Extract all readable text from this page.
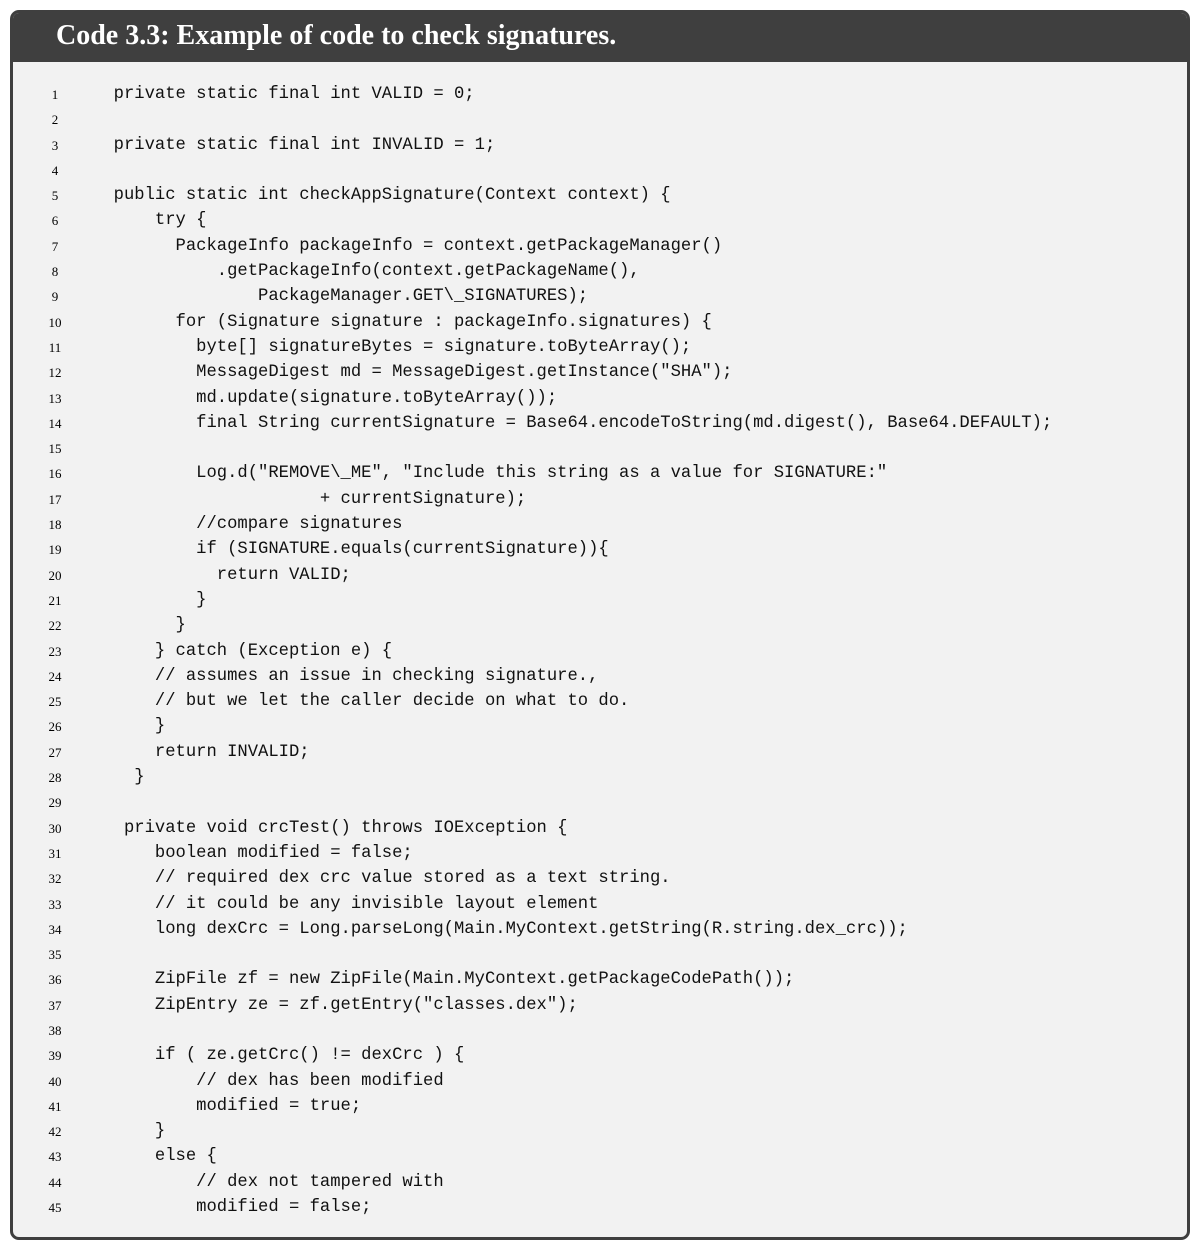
Code 3.3: Example of code to check signatures.
1	private static final int VALID = 0;
2
3	private static final int INVALID = 1;
4
5	public static int checkAppSignature(Context context) {
6	try {
7	PackageInfo packageInfo = context.getPackageManager()
8	.getPackageInfo(context.getPackageName(),
9	PackageManager.GET\_SIGNATURES);
10	for (Signature signature : packageInfo.signatures) {
11	byte[] signatureBytes = signature.toByteArray();
12	MessageDigest md = MessageDigest.getInstance("SHA");
13	md.update(signature.toByteArray());
14	final String currentSignature = Base64.encodeToString(md.digest(), Base64.DEFAULT);
15
16	Log.d("REMOVE\_ME", "Include this string as a value for SIGNATURE:"
17	+ currentSignature);
18	//compare signatures
19	if (SIGNATURE.equals(currentSignature)){
20	return VALID;
21	}
22	}
23	} catch (Exception e) {
24	// assumes an issue in checking signature.,
25	// but we let the caller decide on what to do.
26	}
27	return INVALID;
28	}
29
30	private void crcTest() throws IOException {
31	boolean modified = false;
32	// required dex crc value stored as a text string.
33	// it could be any invisible layout element
34	long dexCrc = Long.parseLong(Main.MyContext.getString(R.string.dex_crc));
35
36	ZipFile zf = new ZipFile(Main.MyContext.getPackageCodePath());
37	ZipEntry ze = zf.getEntry("classes.dex");
38
39	if ( ze.getCrc() != dexCrc ) {
40	// dex has been modified
41	modified = true;
42	}
43	else {
44	// dex not tampered with
45	modified = false;
